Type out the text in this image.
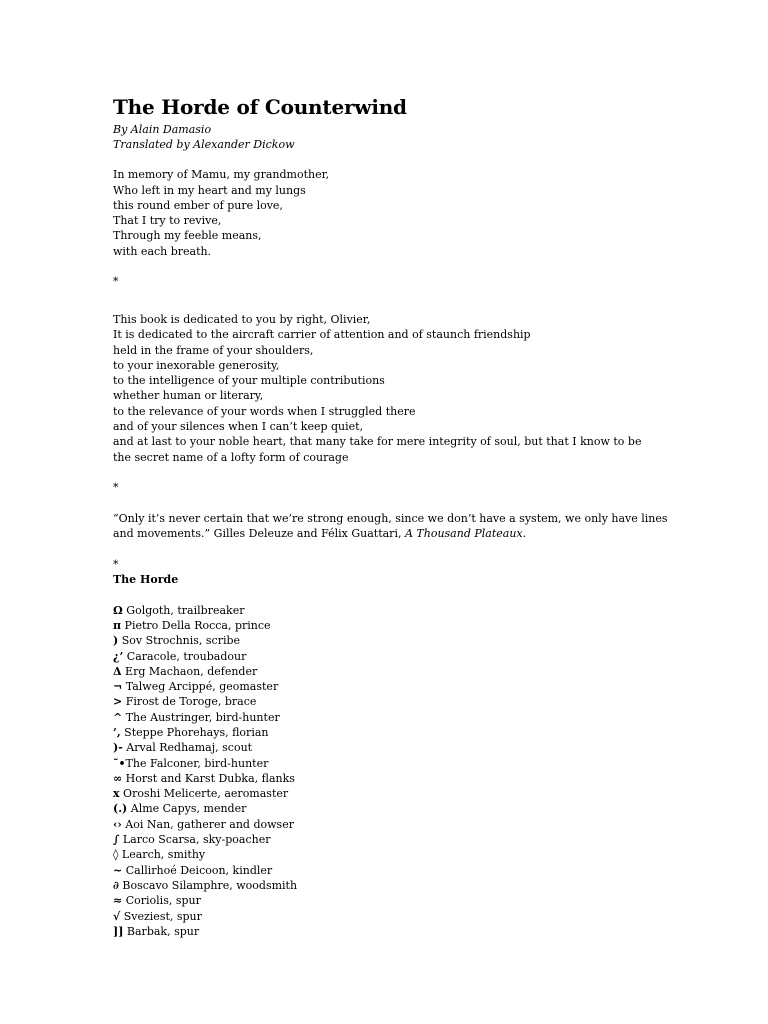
The Horde of Counterwind
By Alain Damasio
Translated by Alexander Dickow
In memory of Mamu, my grandmother,
Who left in my heart and my lungs
this round ember of pure love,
That I try to revive,
Through my feeble means,
with each breath.
*
This book is dedicated to you by right, Olivier,
It is dedicated to the aircraft carrier of attention and of staunch friendship
held in the frame of your shoulders,
to your inexorable generosity,
to the intelligence of your multiple contributions
whether human or literary,
to the relevance of your words when I struggled there
and of your silences when I can’t keep quiet,
and at last to your noble heart, that many take for mere integrity of soul, but that I know to be
the secret name of a lofty form of courage
*
“Only it’s never certain that we’re strong enough, since we don’t have a system, we only have lines
and movements.” Gilles Deleuze and Félix Guattari, A Thousand Plateaux.
*
The Horde
Ω Golgoth, trailbreaker
π Pietro Della Rocca, prince
) Sov Strochnis, scribe
¿’ Caracole, troubadour
Δ Erg Machaon, defender
¬ Talweg Arcippé, geomaster
> Firost de Toroge, brace
^ The Austringer, bird-hunter
’, Steppe Phorehays, florian
)- Arval Redhamaj, scout
˜•The Falconer, bird-hunter
∞ Horst and Karst Dubka, flanks
x Oroshi Melicerte, aeromaster
(.) Alme Capys, mender
‹› Aoi Nan, gatherer and dowser
∫ Larco Scarsa, sky-poacher
◊ Learch, smithy
~ Callirhoé Deicoon, kindler
∂ Boscavo Silamphre, woodsmith
≈ Coriolis, spur
√ Sveziest, spur
]] Barbak, spur
